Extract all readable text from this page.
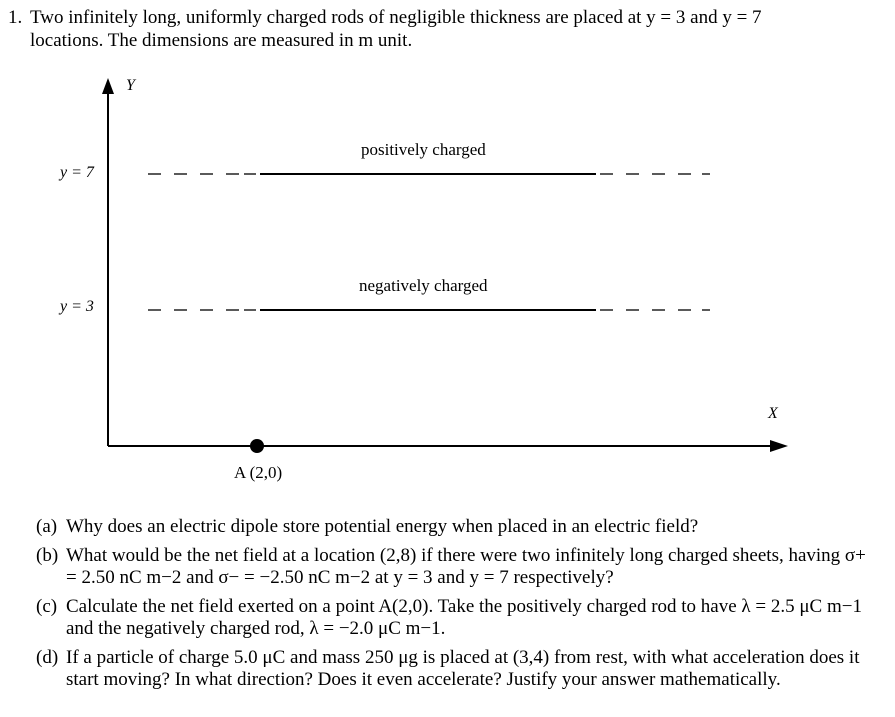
1. Two infinitely long, uniformly charged rods of negligible thickness are placed at y = 3 and y = 7
locations. The dimensions are measured in m unit.
Y
X
y = 7
y = 3
positively charged
negatively charged
A (2,0)
(a) Why does an electric dipole store potential energy when placed in an electric field?
(b) What would be the net field at a location (2,8) if there were two infinitely long charged sheets, having σ+ = 2.50 nC m−2 and σ− = −2.50 nC m−2 at y = 3 and y = 7 respectively?
(c) Calculate the net field exerted on a point A(2,0). Take the positively charged rod to have λ = 2.5 μC m−1 and the negatively charged rod, λ = −2.0 μC m−1.
(d) If a particle of charge 5.0 μC and mass 250 μg is placed at (3,4) from rest, with what acceleration does it start moving? In what direction? Does it even accelerate? Justify your answer mathematically.
